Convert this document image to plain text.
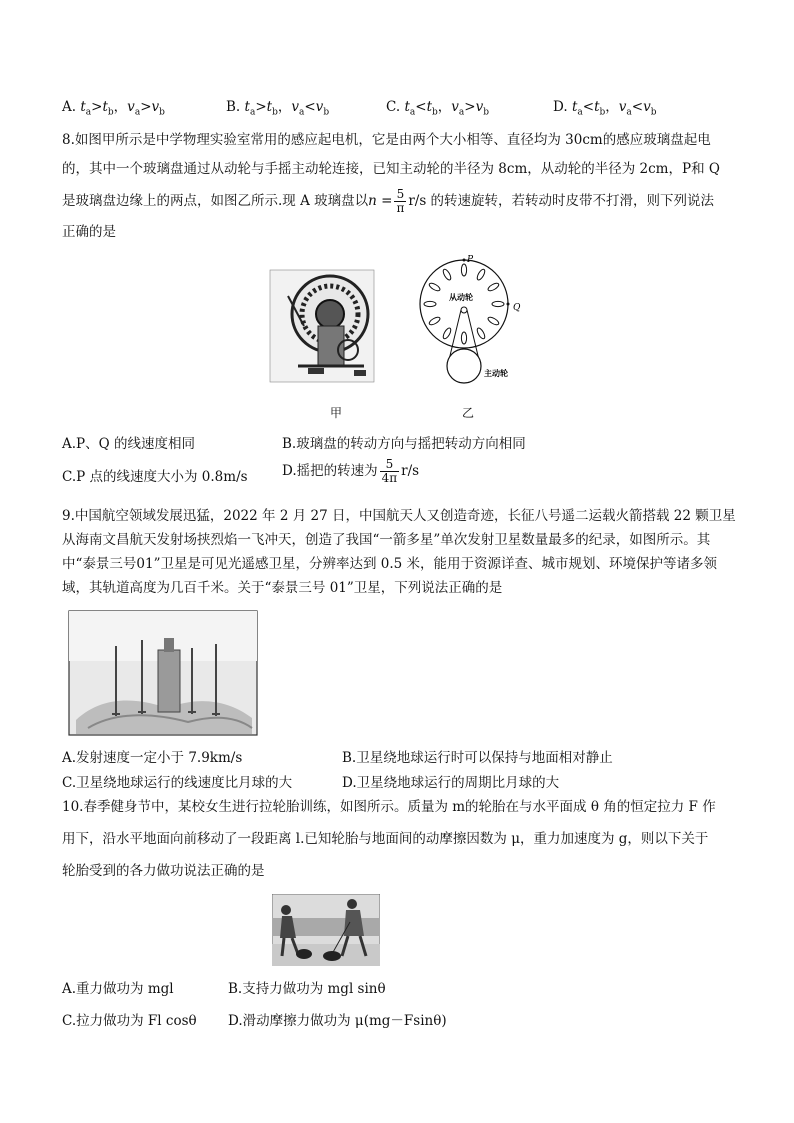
A. $t_a>t_b$，$v_a>v_b$	B. $t_a>t_b$，$v_a<v_b$	C. $t_a<t_b$，$v_a>v_b$	D. $t_a<t_b$，$v_a<v_b$
8.如图甲所示是中学物理实验室常用的感应起电机，它是由两个大小相等、直径均为 30cm的感应玻璃盘起电
的，其中一个玻璃盘通过从动轮与手摇主动轮连接，已知主动轮的半径为 8cm，从动轮的半径为 2cm，P和 Q
是玻璃盘边缘上的两点，如图乙所示.现 A 玻璃盘以$n = \frac{5}{\pi} r/s$ 的转速旋转，若转动时皮带不打滑，则下列说法
正确的是
甲
P
Q
从动轮
主动轮
乙
A.P、Q 的线速度相同	B.玻璃盘的转动方向与摇把转动方向相同
C.P 点的线速度大小为 0.8m/s	D.摇把的转速为 $\frac{5}{4\pi} r/s$
9.中国航空领域发展迅猛，2022 年 2 月 27 日，中国航天人又创造奇迹，长征八号遥二运载火箭搭载 22 颗卫星
从海南文昌航天发射场挟烈焰一飞冲天，创造了我国“一箭多星”单次发射卫星数量最多的纪录，如图所示。其
中“泰景三号01”卫星是可见光遥感卫星，分辨率达到 0.5 米，能用于资源详查、城市规划、环境保护等诸多领
域，其轨道高度为几百千米。关于“泰景三号 01”卫星，下列说法正确的是
A.发射速度一定小于 7.9km/s	B.卫星绕地球运行时可以保持与地面相对静止
C.卫星绕地球运行的线速度比月球的大	D.卫星绕地球运行的周期比月球的大
10.春季健身节中，某校女生进行拉轮胎训练，如图所示。质量为 m的轮胎在与水平面成 θ 角的恒定拉力 F 作
用下，沿水平地面向前移动了一段距离 l.已知轮胎与地面间的动摩擦因数为 μ，重力加速度为 g，则以下关于
轮胎受到的各力做功说法正确的是
A.重力做功为 mgl	B.支持力做功为 mgl sinθ
C.拉力做功为 Fl cosθ D.滑动摩擦力做功为 μ(mg－Fsinθ)
